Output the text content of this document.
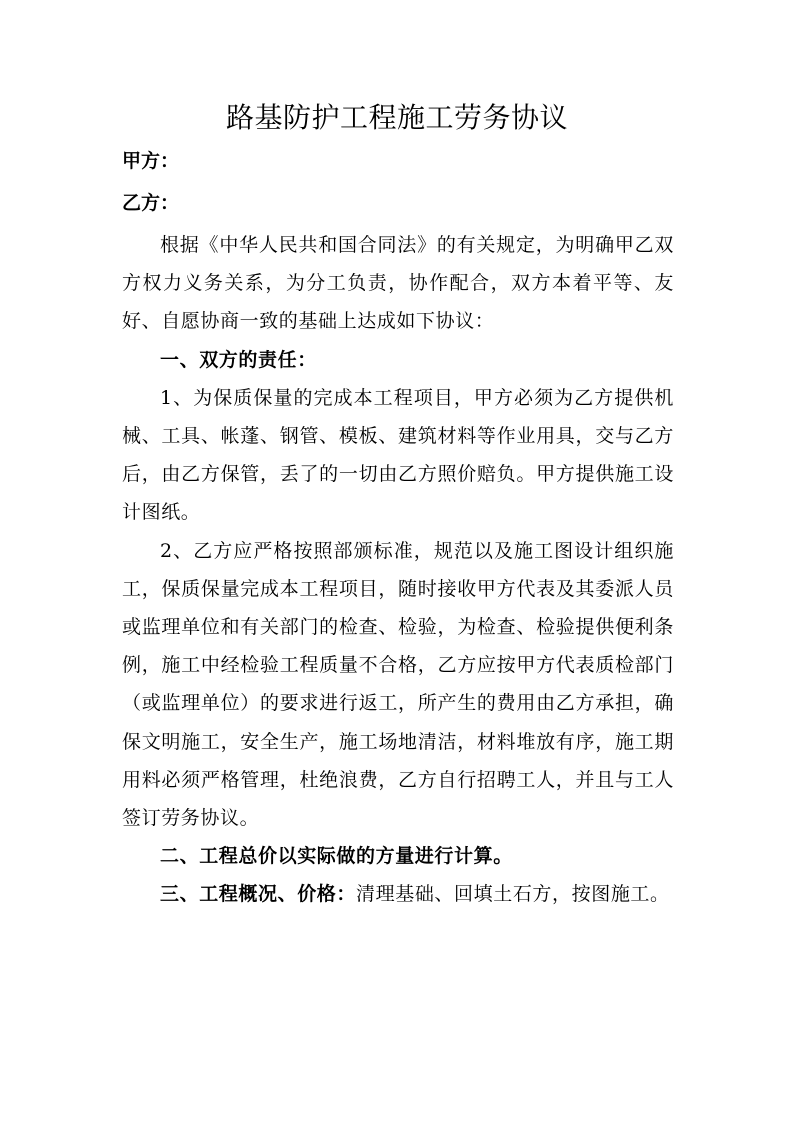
路基防护工程施工劳务协议
甲方：
乙方：

根据《中华人民共和国合同法》的有关规定，为明确甲乙双方权力义务关系，为分工负责，协作配合，双方本着平等、友好、自愿协商一致的基础上达成如下协议：

一、双方的责任：

1、为保质保量的完成本工程项目，甲方必须为乙方提供机械、工具、帐蓬、钢管、模板、建筑材料等作业用具，交与乙方后，由乙方保管，丢了的一切由乙方照价赔负。甲方提供施工设计图纸。

2、乙方应严格按照部颁标准，规范以及施工图设计组织施工，保质保量完成本工程项目，随时接收甲方代表及其委派人员或监理单位和有关部门的检查、检验，为检查、检验提供便利条例，施工中经检验工程质量不合格，乙方应按甲方代表质检部门（或监理单位）的要求进行返工，所产生的费用由乙方承担，确保文明施工，安全生产，施工场地清洁，材料堆放有序，施工期用料必须严格管理，杜绝浪费，乙方自行招聘工人，并且与工人签订劳务协议。

二、工程总价以实际做的方量进行计算。

三、工程概况、价格：清理基础、回填土石方，按图施工。
